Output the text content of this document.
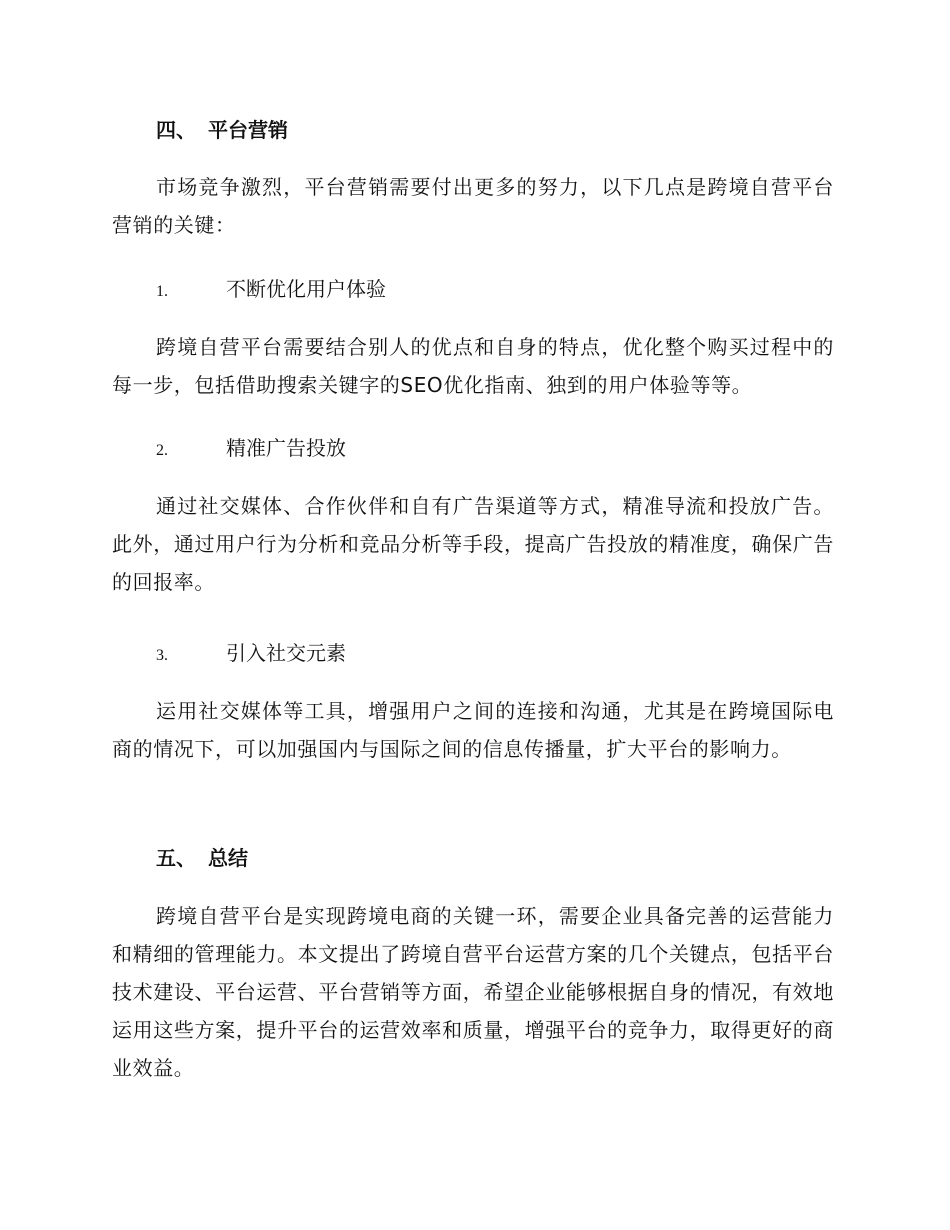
四、 平台营销

市场竞争激烈，平台营销需要付出更多的努力，以下几点是跨境自营平台营销的关键：

1.	不断优化用户体验

跨境自营平台需要结合别人的优点和自身的特点，优化整个购买过程中的每一步，包括借助搜索关键字的SEO优化指南、独到的用户体验等等。

2.	精准广告投放

通过社交媒体、合作伙伴和自有广告渠道等方式，精准导流和投放广告。此外，通过用户行为分析和竞品分析等手段，提高广告投放的精准度，确保广告的回报率。

3.	引入社交元素

运用社交媒体等工具，增强用户之间的连接和沟通，尤其是在跨境国际电商的情况下，可以加强国内与国际之间的信息传播量，扩大平台的影响力。

五、 总结

跨境自营平台是实现跨境电商的关键一环，需要企业具备完善的运营能力和精细的管理能力。本文提出了跨境自营平台运营方案的几个关键点，包括平台技术建设、平台运营、平台营销等方面，希望企业能够根据自身的情况，有效地运用这些方案，提升平台的运营效率和质量，增强平台的竞争力，取得更好的商业效益。
